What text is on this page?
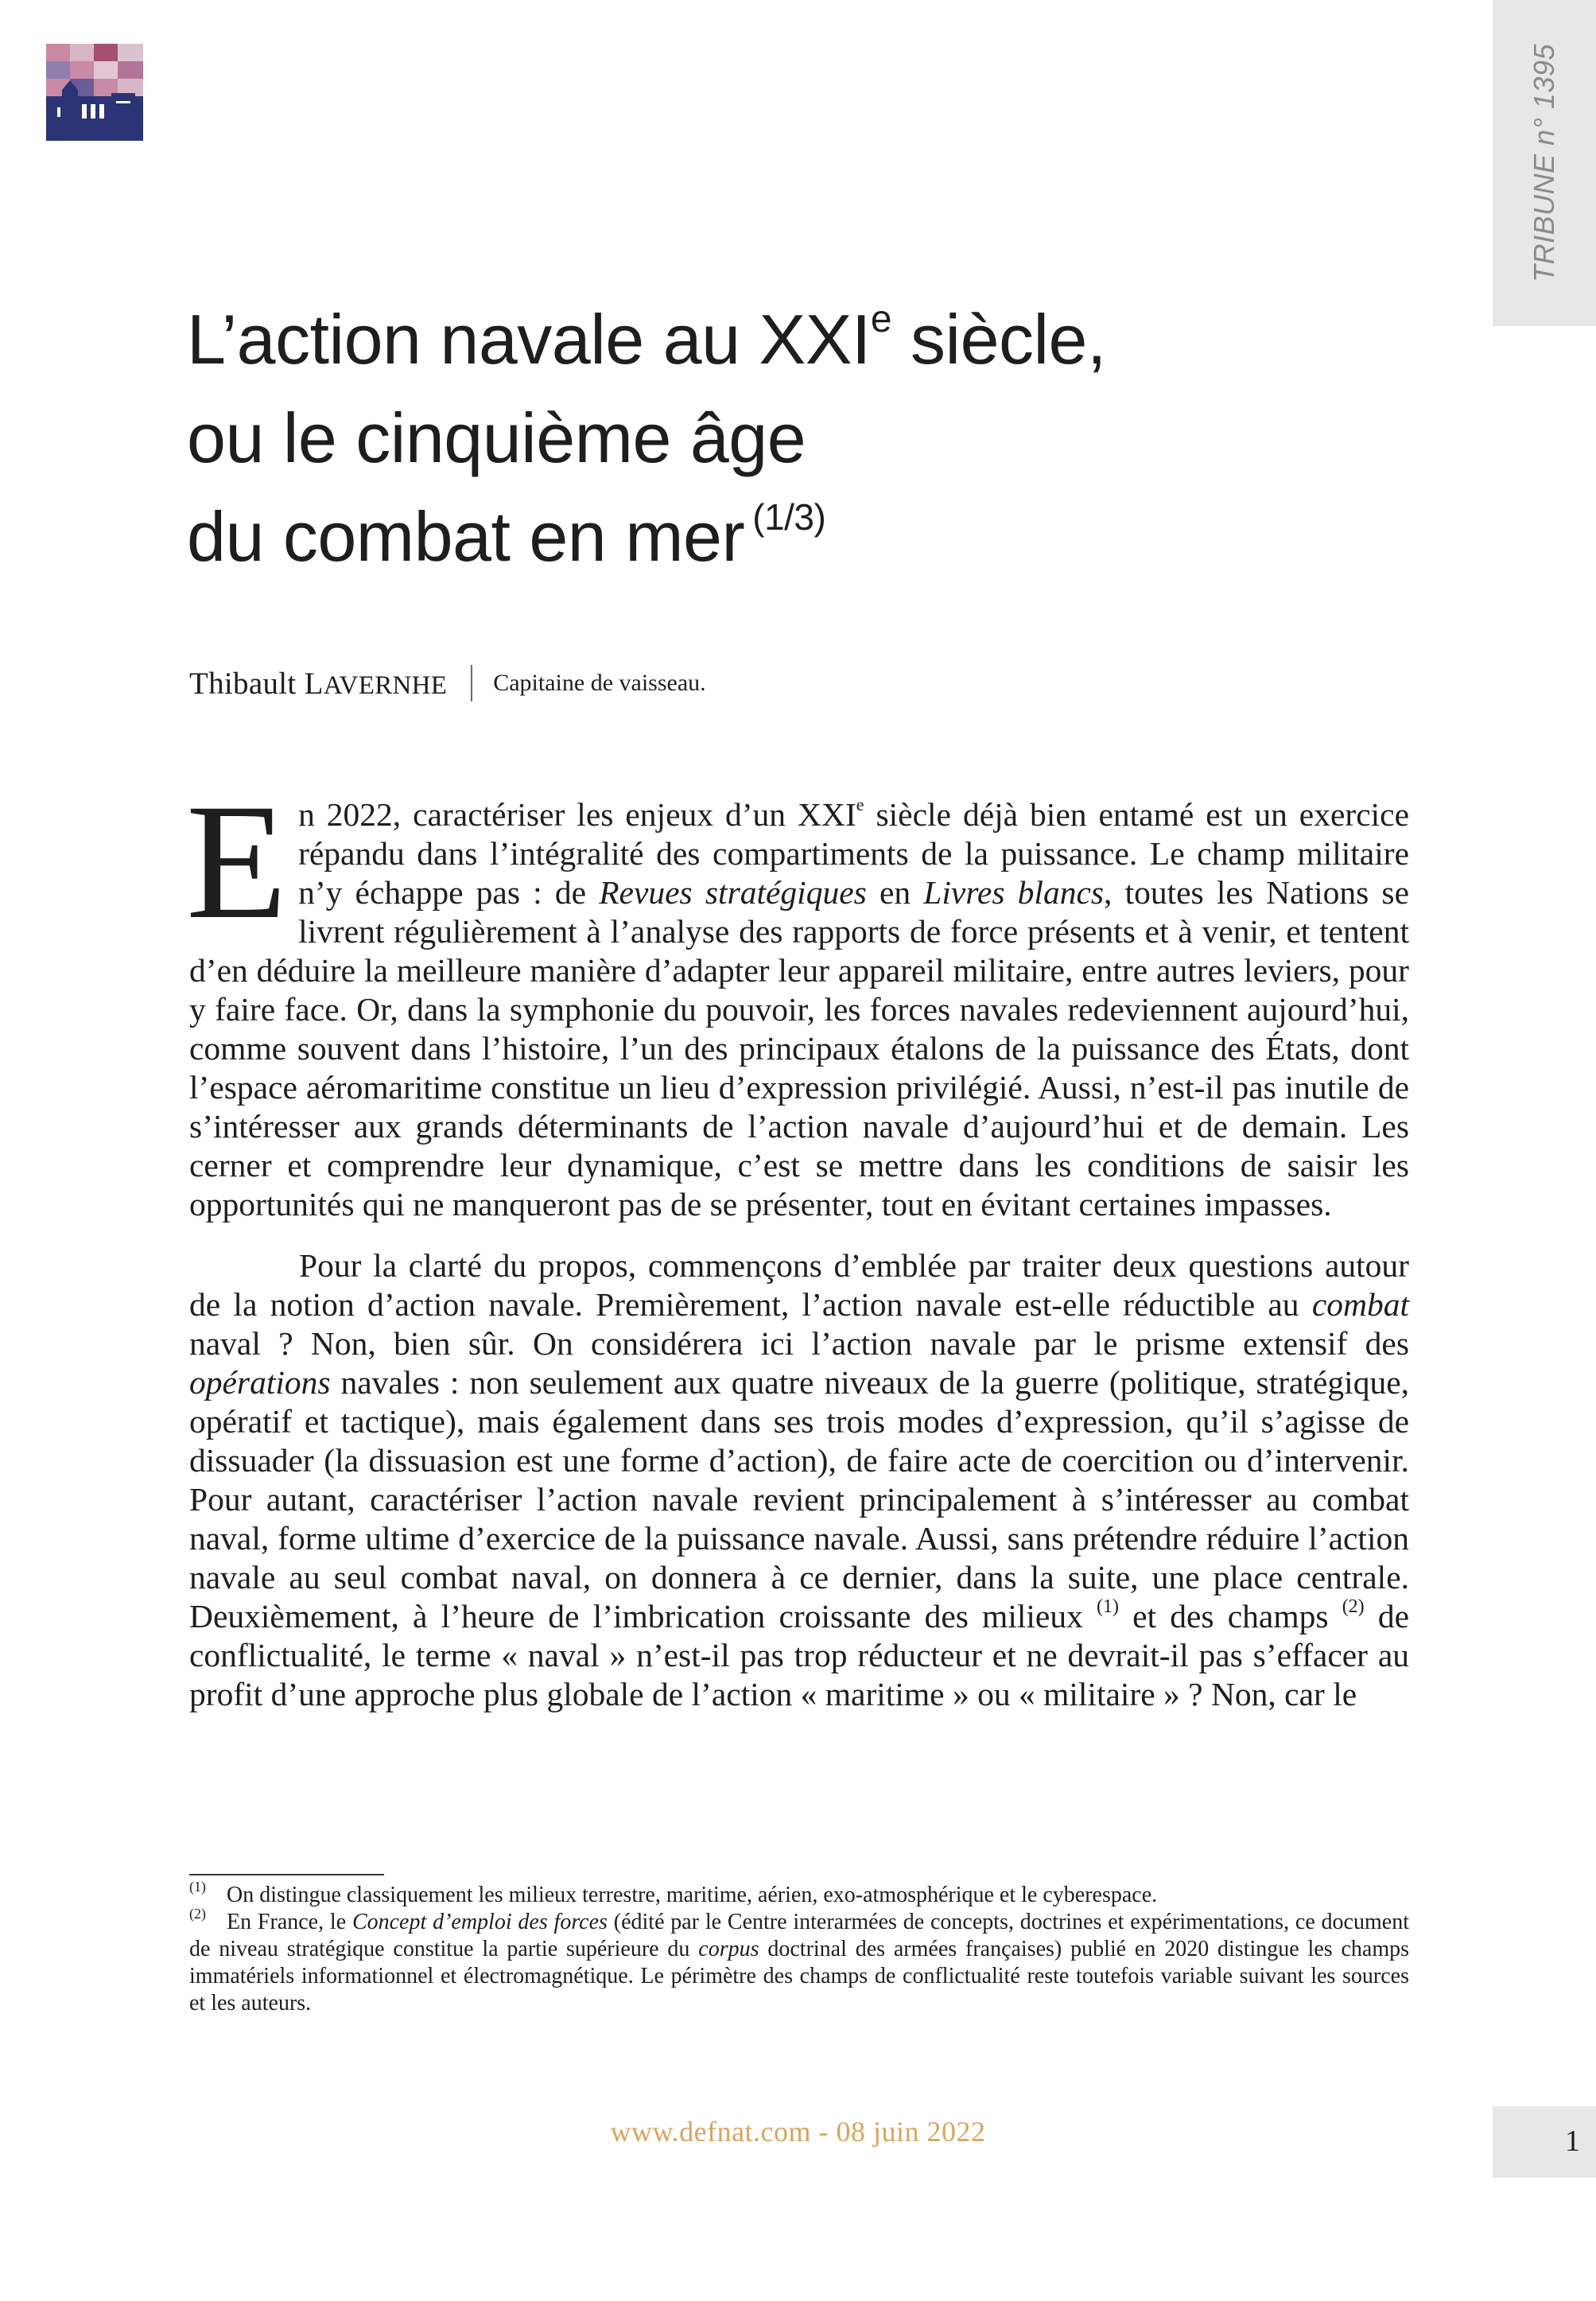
TRIBUNE n° 1395
L’action navale au XXIe siècle,
ou le cinquième âge
du combat en mer $^{(1/3)}$
Thibault LAVERNHE Capitaine de vaisseau.

En 2022, caractériser les enjeux d’un XXIe siècle déjà bien entamé est un exercice répandu dans l’intégralité des compartiments de la puissance. Le champ militaire n’y échappe pas : de Revues stratégiques en Livres blancs, toutes les Nations se livrent régulièrement à l’analyse des rapports de force présents et à venir, et tentent d’en déduire la meilleure manière d’adapter leur appareil militaire, entre autres leviers, pour y faire face. Or, dans la symphonie du pouvoir, les forces navales redeviennent aujourd’hui, comme souvent dans l’histoire, l’un des principaux étalons de la puissance des États, dont l’espace aéromaritime constitue un lieu d’expression privilégié. Aussi, n’est-il pas inutile de s’intéresser aux grands déterminants de l’action navale d’aujourd’hui et de demain. Les cerner et comprendre leur dynamique, c’est se mettre dans les conditions de saisir les opportunités qui ne manqueront pas de se présenter, tout en évitant certaines impasses.

Pour la clarté du propos, commençons d’emblée par traiter deux questions autour de la notion d’action navale. Premièrement, l’action navale est-elle réductible au combat naval ? Non, bien sûr. On considérera ici l’action navale par le prisme extensif des opérations navales : non seulement aux quatre niveaux de la guerre (politique, stratégique, opératif et tactique), mais également dans ses trois modes d’expression, qu’il s’agisse de dissuader (la dissuasion est une forme d’action), de faire acte de coercition ou d’intervenir. Pour autant, caractériser l’action navale revient principalement à s’intéresser au combat naval, forme ultime d’exercice de la puissance navale. Aussi, sans prétendre réduire l’action navale au seul combat naval, on donnera à ce dernier, dans la suite, une place centrale. Deuxièmement, à l’heure de l’imbrication croissante des milieux $^{(1)}$ et des champs $^{(2)}$ de conflictualité, le terme « naval » n’est-il pas trop réducteur et ne devrait-il pas s’effacer au profit d’une approche plus globale de l’action « maritime » ou « militaire » ? Non, car le

$^{(1)}$ On distingue classiquement les milieux terrestre, maritime, aérien, exo-atmosphérique et le cyberespace.

$^{(2)}$ En France, le Concept d’emploi des forces (édité par le Centre interarmées de concepts, doctrines et expérimentations, ce document de niveau stratégique constitue la partie supérieure du corpus doctrinal des armées françaises) publié en 2020 distingue les champs immatériels informationnel et électromagnétique. Le périmètre des champs de conflictualité reste toutefois variable suivant les sources et les auteurs.

www.defnat.com - 08 juin 2022	1
